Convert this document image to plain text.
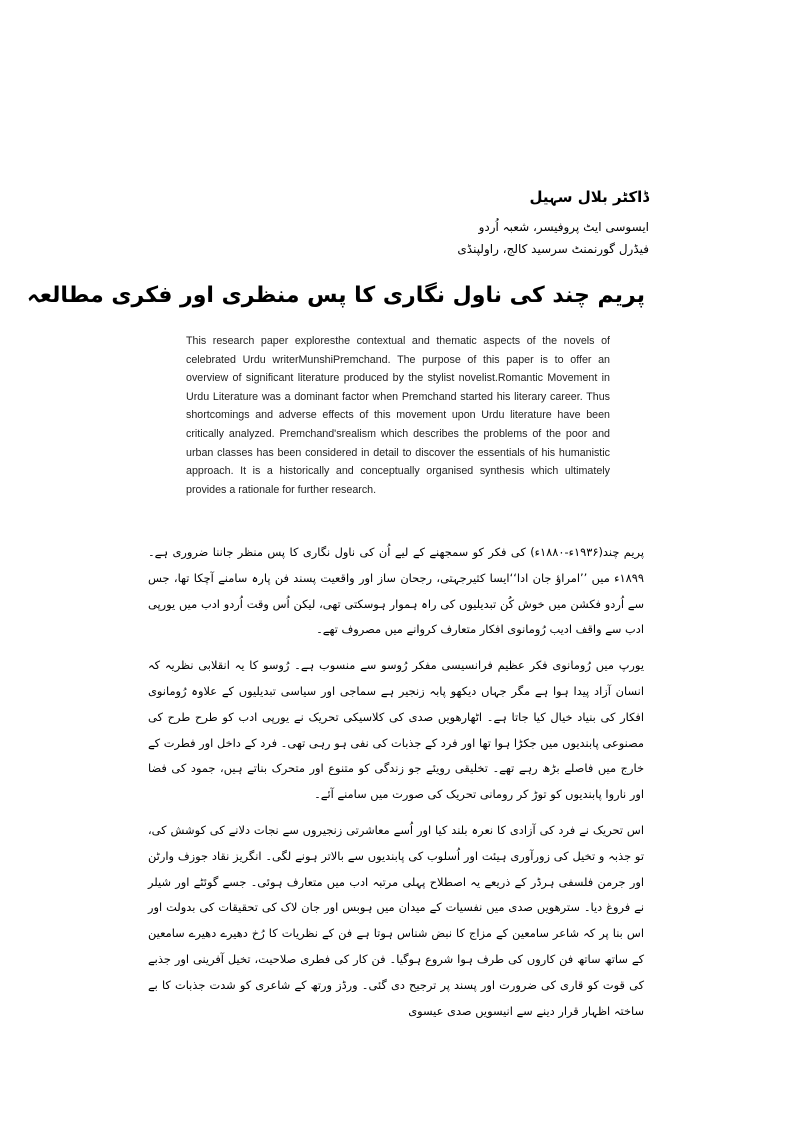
ڈاکٹر بلال سہیل

ایسوسی ایٹ پروفیسر، شعبہ اُردو

فیڈرل گورنمنٹ سرسید کالج، راولپنڈی

پریم چند کی ناول نگاری کا پس منظری اور فکری مطالعہ

This research paper exploresthe contextual and thematic aspects of the novels of celebrated Urdu writerMunshiPremchand. The purpose of this paper is to offer an overview of significant literature produced by the stylist novelist.Romantic Movement in Urdu Literature was a dominant factor when Premchand started his literary career. Thus shortcomings and adverse effects of this movement upon Urdu literature have been critically analyzed. Premchand'srealism which describes the problems of the poor and urban classes has been considered in detail to discover the essentials of his humanistic approach. It is a historically and conceptually organised synthesis which ultimately provides a rationale for further research.

پریم چند(۱۹۳۶ء-۱۸۸۰ء) کی فکر کو سمجھنے کے لیے اُن کی ناول نگاری کا پس منظر جاننا ضروری ہے۔۱۸۹۹ء میں ’’امراؤ جان ادا‘‘ایسا کثیرجہتی، رجحان ساز اور واقعیت پسند فن پارہ سامنے آچکا تھا، جس سے اُردو فکشن میں خوش کُن تبدیلیوں کی راہ ہموار ہوسکتی تھی، لیکن اُس وقت اُردو ادب میں یورپی ادب سے واقف ادیب رُومانوی افکار متعارف کروانے میں مصروف تھے۔

یورپ میں رُومانوی فکر عظیم فرانسیسی مفکر رُوسو سے منسوب ہے۔ رُوسو کا یہ انقلابی نظریہ کہ انسان آزاد پیدا ہوا ہے مگر جہاں دیکھو پابہ زنجیر ہے سماجی اور سیاسی تبدیلیوں کے علاوہ رُومانوی افکار کی بنیاد خیال کیا جاتا ہے۔ اٹھارھویں صدی کی کلاسیکی تحریک نے یورپی ادب کو طرح طرح کی مصنوعی پابندیوں میں جکڑا ہوا تھا اور فرد کے جذبات کی نفی ہو رہی تھی۔ فرد کے داخل اور فطرت کے خارج میں فاصلے بڑھ رہے تھے۔ تخلیقی رویئے جو زندگی کو متنوع اور متحرک بناتے ہیں، جمود کی فضا اور ناروا پابندیوں کو توڑ کر رومانی تحریک کی صورت میں سامنے آئے۔

اس تحریک نے فرد کی آزادی کا نعرہ بلند کیا اور اُسے معاشرتی زنجیروں سے نجات دلانے کی کوشش کی، تو جذبہ و تخیل کی زورآوری ہیئت اور اُسلوب کی پابندیوں سے بالاتر ہونے لگی۔ انگریز نقاد جوزف وارٹن اور جرمن فلسفی ہرڈر کے ذریعے یہ اصطلاح پہلی مرتبہ ادب میں متعارف ہوئی۔ جسے گوئٹے اور شیلر نے فروغ دیا۔ سترھویں صدی میں نفسیات کے میدان میں ہوبس اور جان لاک کی تحقیقات کی بدولت اور اس بنا پر کہ شاعر سامعین کے مزاج کا نبض شناس ہوتا ہے فن کے نظریات کا رُخ دھیرے دھیرے سامعین کے ساتھ ساتھ فن کاروں کی طرف ہوا شروع ہوگیا۔ فن کار کی فطری صلاحیت، تخیل آفرینی اور جذبے کی قوت کو قاری کی ضرورت اور پسند پر ترجیح دی گئی۔ ورڈز ورتھ کے شاعری کو شدت جذبات کا بے ساختہ اظہار قرار دینے سے انیسویں صدی عیسوی
